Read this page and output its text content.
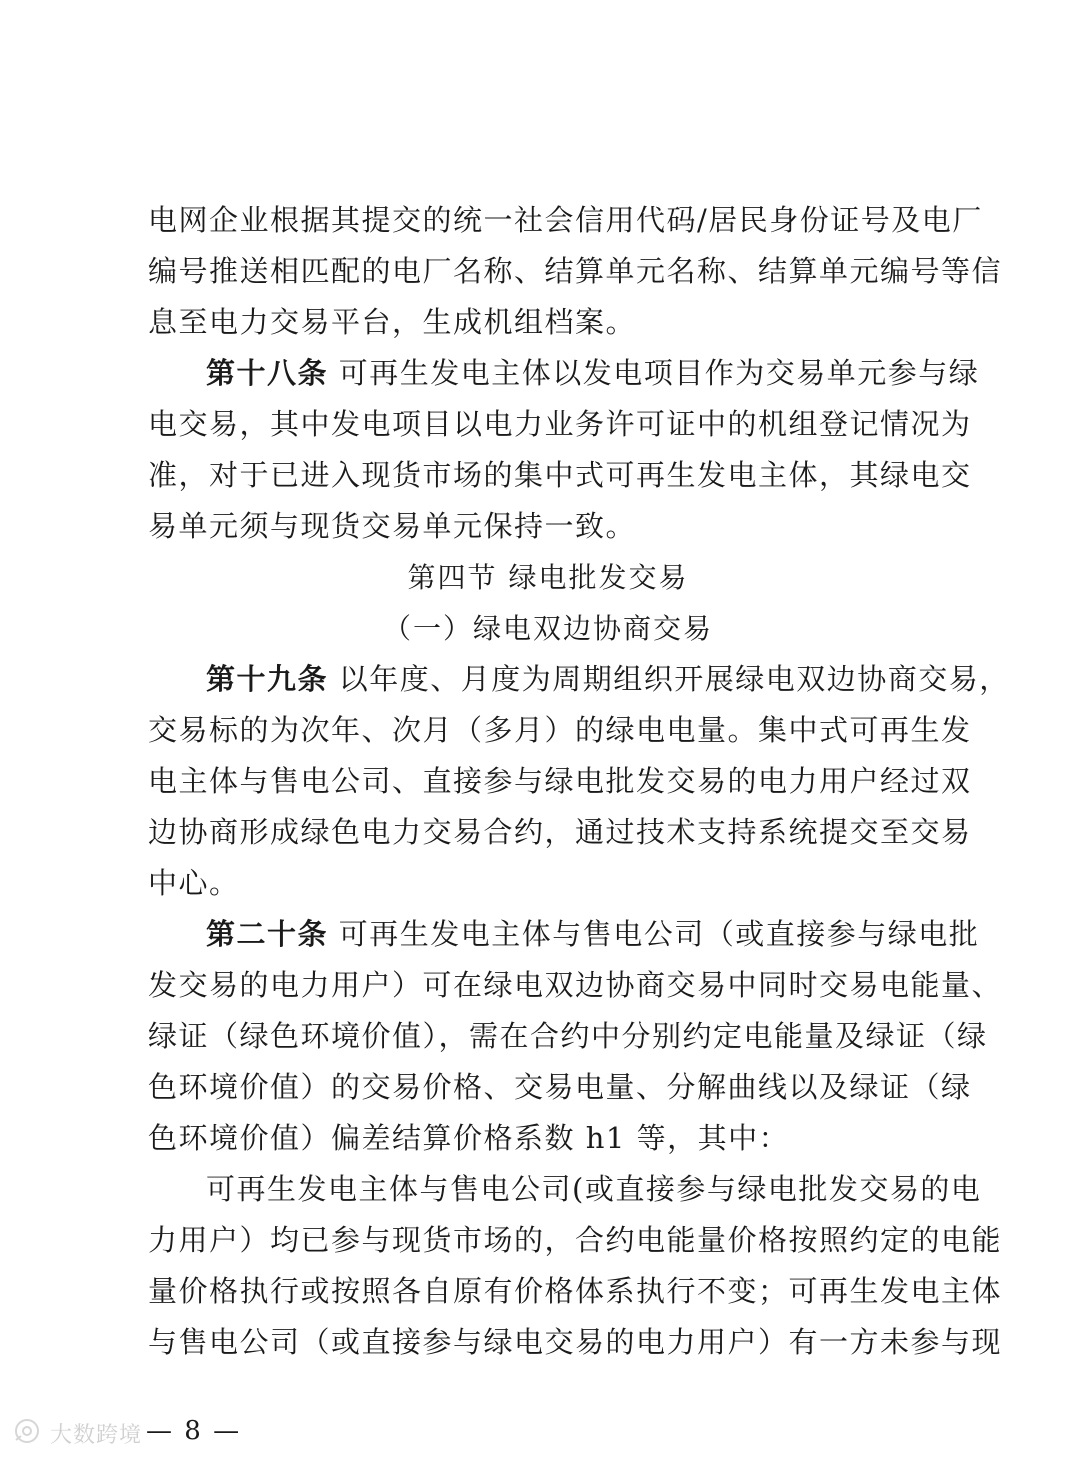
电网企业根据其提交的统一社会信用代码/居民身份证号及电厂
编号推送相匹配的电厂名称、结算单元名称、结算单元编号等信
息至电力交易平台，生成机组档案。
第十八条 可再生发电主体以发电项目作为交易单元参与绿
电交易，其中发电项目以电力业务许可证中的机组登记情况为
准，对于已进入现货市场的集中式可再生发电主体，其绿电交
易单元须与现货交易单元保持一致。
第四节 绿电批发交易
（一）绿电双边协商交易
第十九条 以年度、月度为周期组织开展绿电双边协商交易，
交易标的为次年、次月（多月）的绿电电量。集中式可再生发
电主体与售电公司、直接参与绿电批发交易的电力用户经过双
边协商形成绿色电力交易合约，通过技术支持系统提交至交易
中心。
第二十条 可再生发电主体与售电公司（或直接参与绿电批
发交易的电力用户）可在绿电双边协商交易中同时交易电能量、
绿证（绿色环境价值），需在合约中分别约定电能量及绿证（绿
色环境价值）的交易价格、交易电量、分解曲线以及绿证（绿
色环境价值）偏差结算价格系数 h1 等，其中：
可再生发电主体与售电公司(或直接参与绿电批发交易的电
力用户）均已参与现货市场的，合约电能量价格按照约定的电能
量价格执行或按照各自原有价格体系执行不变；可再生发电主体
与售电公司（或直接参与绿电交易的电力用户）有一方未参与现
大数跨境 — 8 —
